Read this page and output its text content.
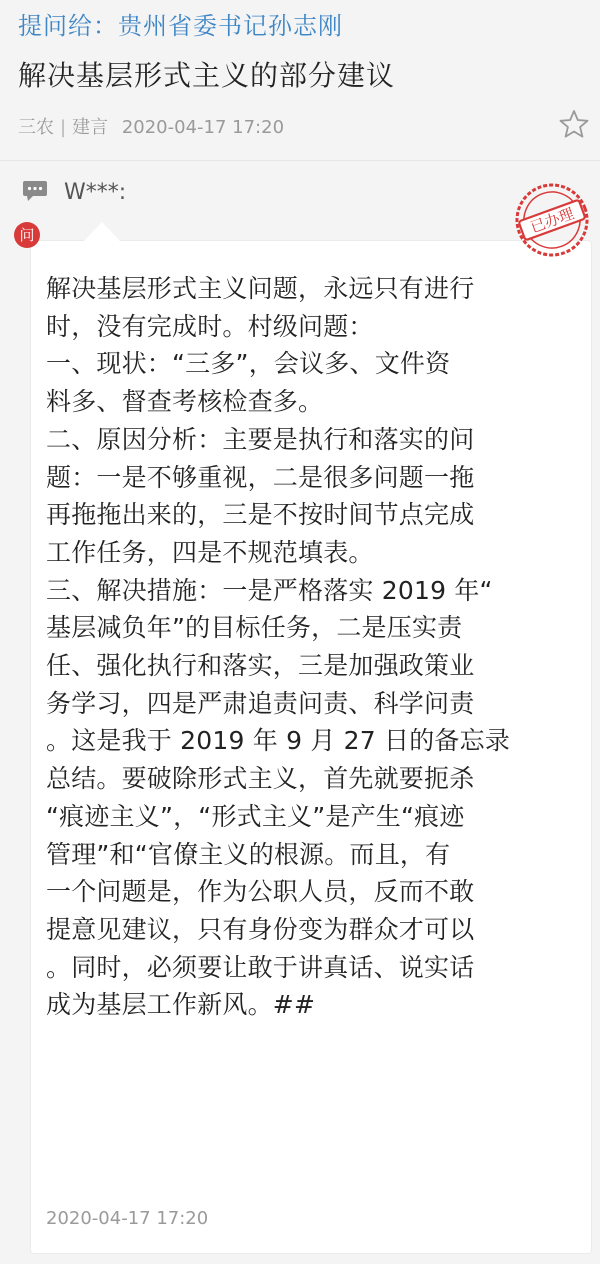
提问给：贵州省委书记孙志刚
解决基层形式主义的部分建议
三农 | 建言 2020-04-17 17:20
W***:
问	已办理
解决基层形式主义问题，永远只有进行
时，没有完成时。村级问题：
一、现状：“三多”，会议多、文件资
料多、督查考核检查多。
二、原因分析：主要是执行和落实的问
题：一是不够重视，二是很多问题一拖
再拖拖出来的，三是不按时间节点完成
工作任务，四是不规范填表。
三、解决措施：一是严格落实 2019 年“
基层减负年”的目标任务，二是压实责
任、强化执行和落实，三是加强政策业
务学习，四是严肃追责问责、科学问责
。这是我于 2019 年 9 月 27 日的备忘录
总结。要破除形式主义，首先就要扼杀
“痕迹主义”，“形式主义”是产生“痕迹
管理”和“官僚主义的根源。而且，有
一个问题是，作为公职人员，反而不敢
提意见建议，只有身份变为群众才可以
。同时，必须要让敢于讲真话、说实话
成为基层工作新风。##
2020-04-17 17:20
